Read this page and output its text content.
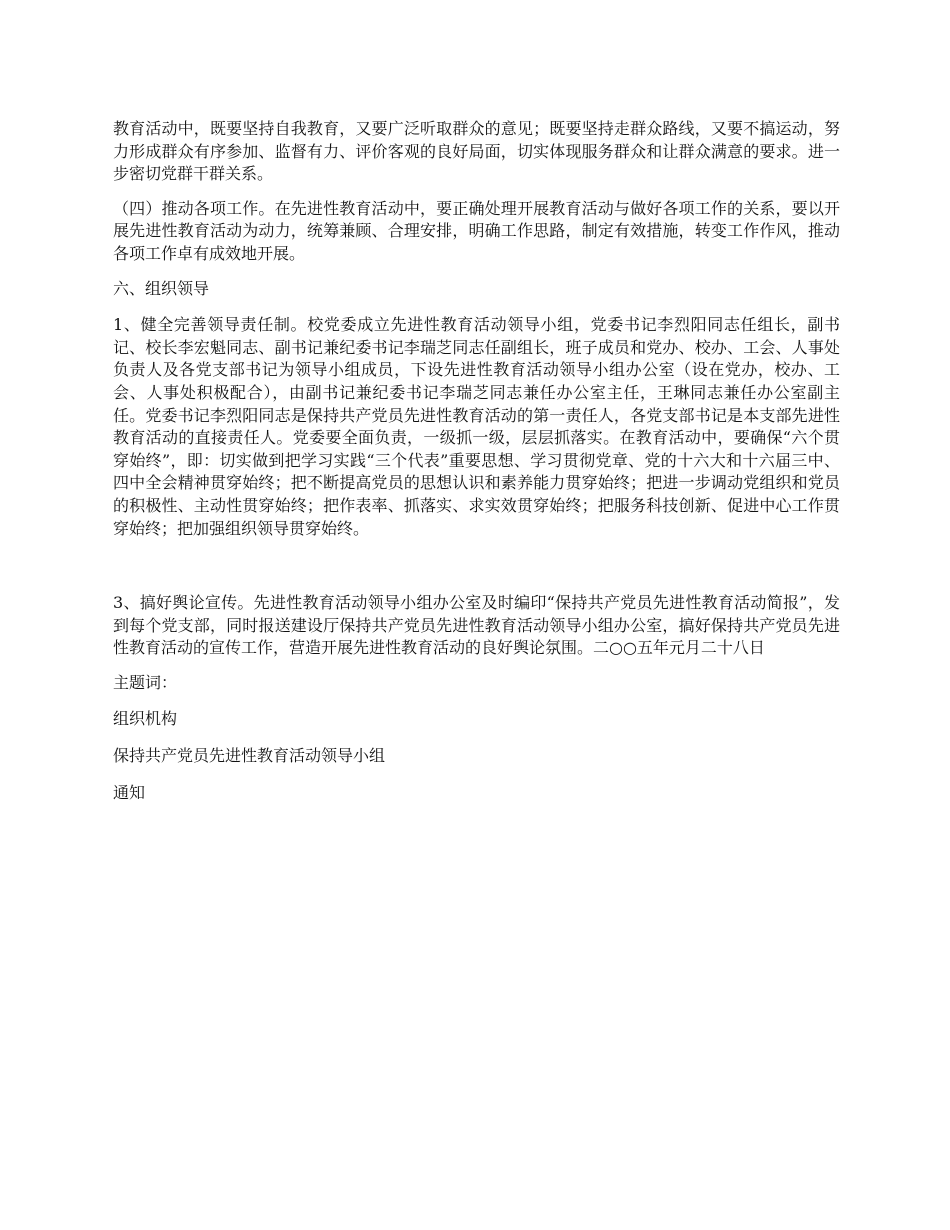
教育活动中，既要坚持自我教育，又要广泛听取群众的意见；既要坚持走群众路线，又要不搞运动，努力形成群众有序参加、监督有力、评价客观的良好局面，切实体现服务群众和让群众满意的要求。进一步密切党群干群关系。

（四）推动各项工作。在先进性教育活动中，要正确处理开展教育活动与做好各项工作的关系，要以开展先进性教育活动为动力，统筹兼顾、合理安排，明确工作思路，制定有效措施，转变工作作风，推动各项工作卓有成效地开展。

六、组织领导

1、健全完善领导责任制。校党委成立先进性教育活动领导小组，党委书记李烈阳同志任组长，副书记、校长李宏魁同志、副书记兼纪委书记李瑞芝同志任副组长，班子成员和党办、校办、工会、人事处负责人及各党支部书记为领导小组成员，下设先进性教育活动领导小组办公室（设在党办，校办、工会、人事处积极配合），由副书记兼纪委书记李瑞芝同志兼任办公室主任，王琳同志兼任办公室副主任。党委书记李烈阳同志是保持共产党员先进性教育活动的第一责任人，各党支部书记是本支部先进性教育活动的直接责任人。党委要全面负责，一级抓一级，层层抓落实。在教育活动中，要确保“六个贯穿始终”，即：切实做到把学习实践“三个代表”重要思想、学习贯彻党章、党的十六大和十六届三中、四中全会精神贯穿始终；把不断提高党员的思想认识和素养能力贯穿始终；把进一步调动党组织和党员的积极性、主动性贯穿始终；把作表率、抓落实、求实效贯穿始终；把服务科技创新、促进中心工作贯穿始终；把加强组织领导贯穿始终。

3、搞好舆论宣传。先进性教育活动领导小组办公室及时编印“保持共产党员先进性教育活动简报”，发到每个党支部，同时报送建设厅保持共产党员先进性教育活动领导小组办公室，搞好保持共产党员先进性教育活动的宣传工作，营造开展先进性教育活动的良好舆论氛围。二○○五年元月二十八日

主题词：

组织机构

保持共产党员先进性教育活动领导小组

通知
